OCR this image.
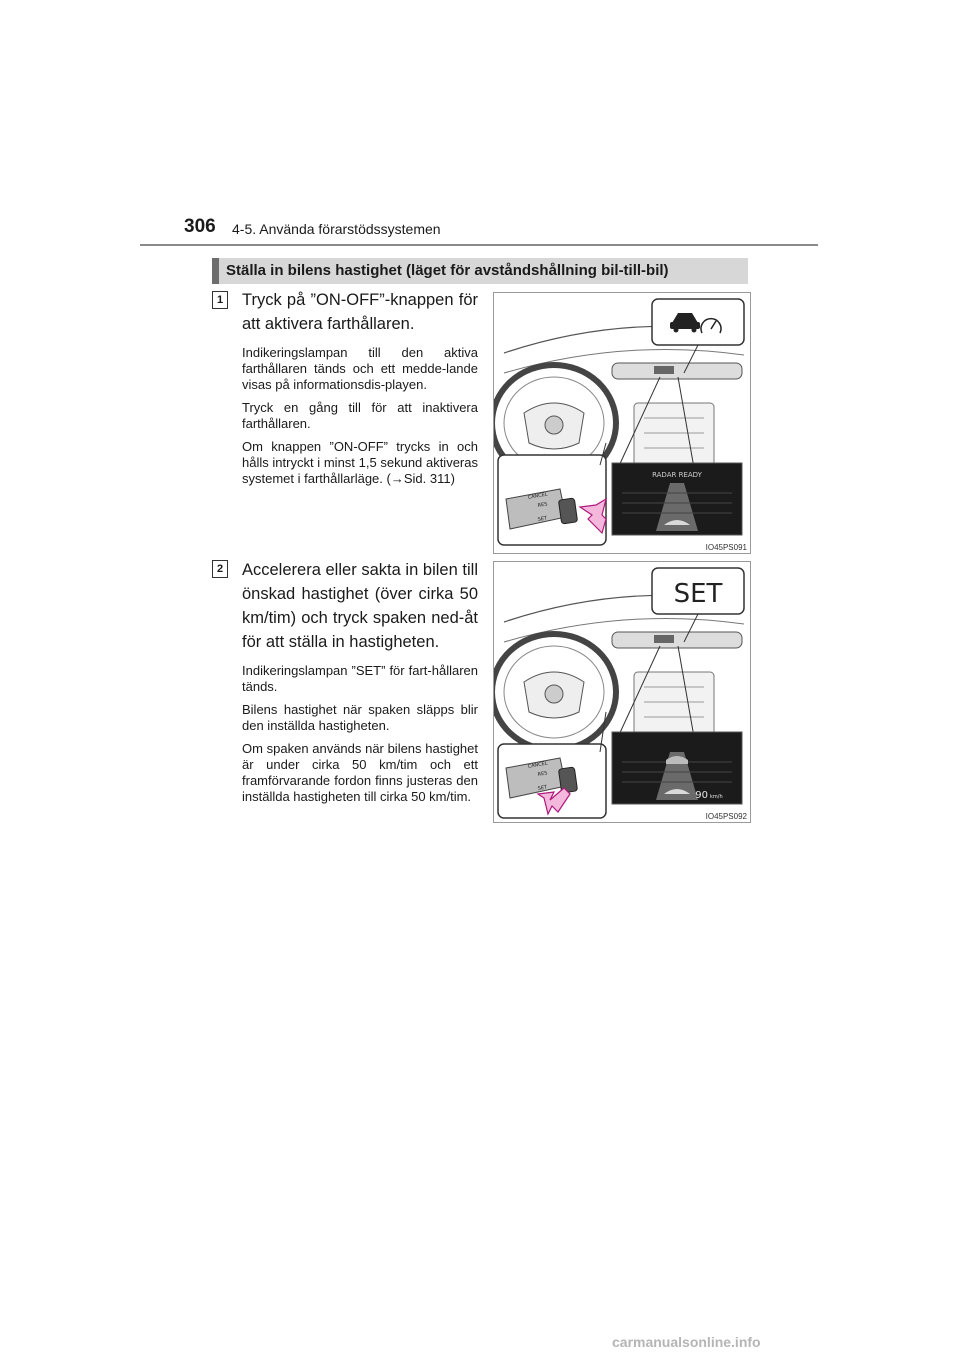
306 4-5. Använda förarstödssystemen
Ställa in bilens hastighet (läget för avståndshållning bil-till-bil)
1 Tryck på ”ON-OFF”-knappen för att aktivera farthållaren.

Indikeringslampan till den aktiva farthållaren tänds och ett medde-lande visas på informationsdis-playen.

Tryck en gång till för att inaktivera farthållaren.

Om knappen ”ON-OFF” trycks in och hålls intryckt i minst 1,5 sekund aktiveras systemet i farthållarläge. (→Sid. 311)	RADAR READY
CANCEL
RES
SET
IO45PS091
2 Accelerera eller sakta in bilen till önskad hastighet (över cirka 50 km/tim) och tryck spaken ned-åt för att ställa in hastigheten.

Indikeringslampan ”SET” för fart-hållaren tänds.

Bilens hastighet när spaken släpps blir den inställda hastigheten.

Om spaken används när bilens hastighet är under cirka 50 km/tim och ett framförvarande fordon finns justeras den inställda hastigheten till cirka 50 km/tim.

SET
90 km/h
CANCEL
RES
SET
IO45PS092
carmanualsonline.info
